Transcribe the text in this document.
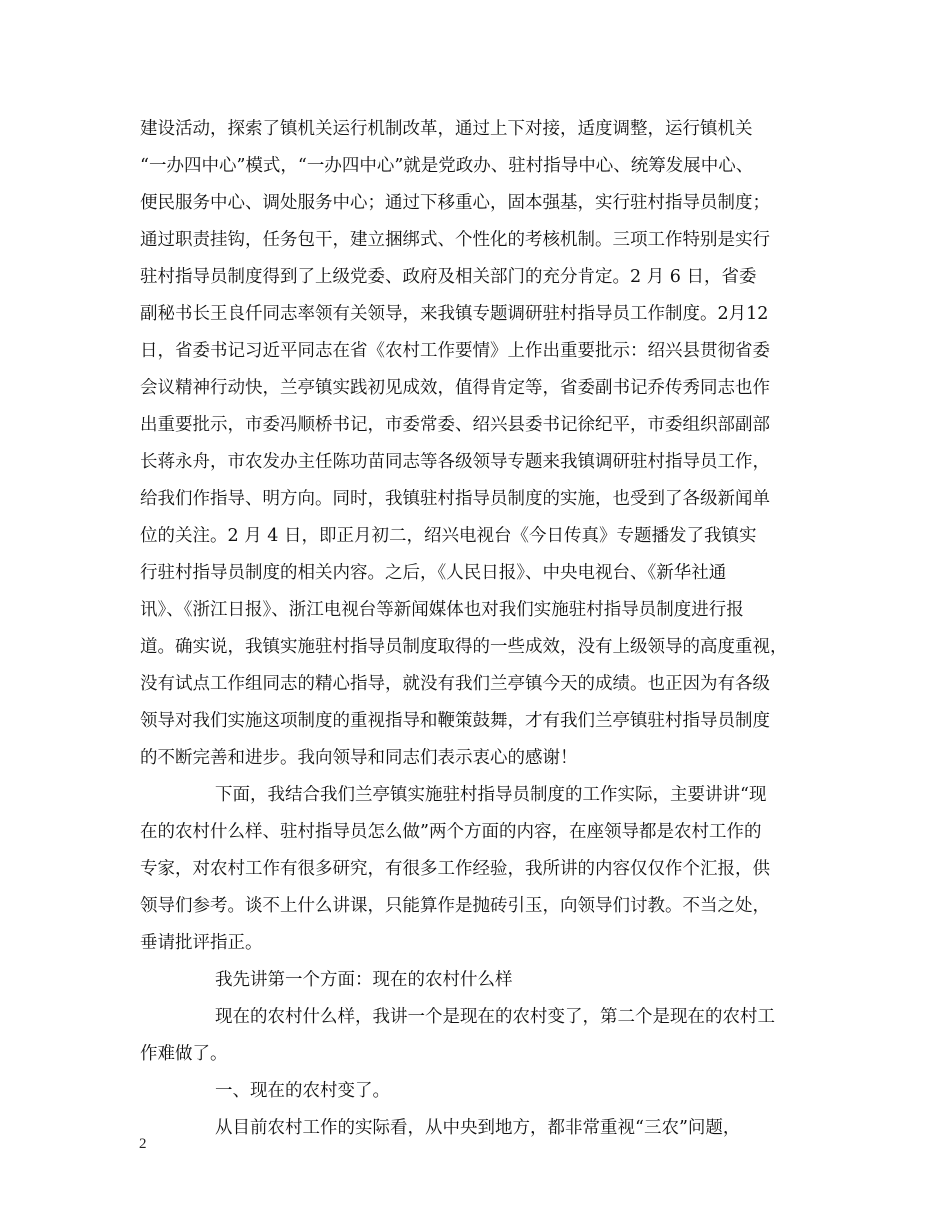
建设活动，探索了镇机关运行机制改革，通过上下对接，适度调整，运行镇机关
“一办四中心”模式，“一办四中心”就是党政办、驻村指导中心、统筹发展中心、
便民服务中心、调处服务中心；通过下移重心，固本强基，实行驻村指导员制度；
通过职责挂钩，任务包干，建立捆绑式、个性化的考核机制。三项工作特别是实行
驻村指导员制度得到了上级党委、政府及相关部门的充分肯定。2 月 6 日，省委
副秘书长王良仟同志率领有关领导，来我镇专题调研驻村指导员工作制度。2月12
日，省委书记习近平同志在省《农村工作要情》上作出重要批示：绍兴县贯彻省委
会议精神行动快，兰亭镇实践初见成效，值得肯定等，省委副书记乔传秀同志也作
出重要批示，市委冯顺桥书记，市委常委、绍兴县委书记徐纪平，市委组织部副部
长蒋永舟，市农发办主任陈功苗同志等各级领导专题来我镇调研驻村指导员工作，
给我们作指导、明方向。同时，我镇驻村指导员制度的实施，也受到了各级新闻单
位的关注。2 月 4 日，即正月初二，绍兴电视台《今日传真》专题播发了我镇实
行驻村指导员制度的相关内容。之后，《人民日报》、中央电视台、《新华社通
讯》、《浙江日报》、浙江电视台等新闻媒体也对我们实施驻村指导员制度进行报
道。确实说，我镇实施驻村指导员制度取得的一些成效，没有上级领导的高度重视，
没有试点工作组同志的精心指导，就没有我们兰亭镇今天的成绩。也正因为有各级
领导对我们实施这项制度的重视指导和鞭策鼓舞，才有我们兰亭镇驻村指导员制度
的不断完善和进步。我向领导和同志们表示衷心的感谢！
下面，我结合我们兰亭镇实施驻村指导员制度的工作实际，主要讲讲“现
在的农村什么样、驻村指导员怎么做”两个方面的内容，在座领导都是农村工作的
专家，对农村工作有很多研究，有很多工作经验，我所讲的内容仅仅作个汇报，供
领导们参考。谈不上什么讲课，只能算作是抛砖引玉，向领导们讨教。不当之处，
垂请批评指正。
我先讲第一个方面：现在的农村什么样
现在的农村什么样，我讲一个是现在的农村变了，第二个是现在的农村工
作难做了。
一、现在的农村变了。
从目前农村工作的实际看，从中央到地方，都非常重视“三农”问题，
2
